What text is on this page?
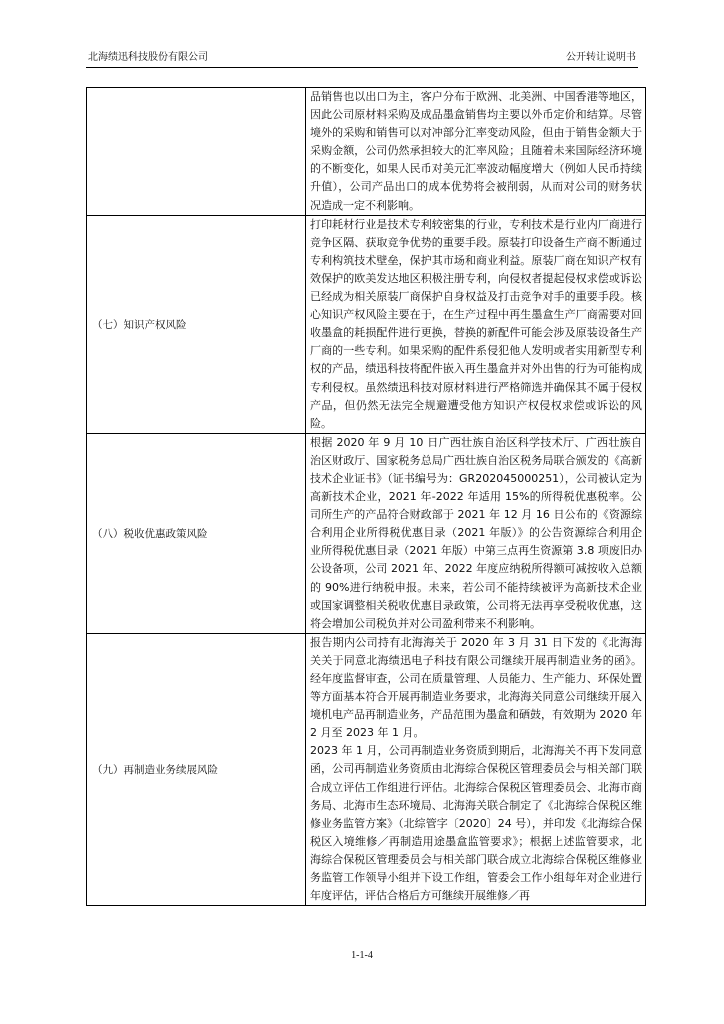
北海绩迅科技股份有限公司	公开转让说明书

	品销售也以出口为主，客户分布于欧洲、北美洲、中国香港等地区，因此公司原材料采购及成品墨盒销售均主要以外币定价和结算。尽管境外的采购和销售可以对冲部分汇率变动风险，但由于销售金额大于采购金额，公司仍然承担较大的汇率风险；且随着未来国际经济环境的不断变化，如果人民币对美元汇率波动幅度增大（例如人民币持续升值），公司产品出口的成本优势将会被削弱，从而对公司的财务状况造成一定不利影响。

（七）知识产权风险	打印耗材行业是技术专利较密集的行业，专利技术是行业内厂商进行竞争区隔、获取竞争优势的重要手段。原装打印设备生产商不断通过专利构筑技术壁垒，保护其市场和商业利益。原装厂商在知识产权有效保护的欧美发达地区积极注册专利，向侵权者提起侵权求偿或诉讼已经成为相关原装厂商保护自身权益及打击竞争对手的重要手段。核心知识产权风险主要在于，在生产过程中再生墨盒生产厂商需要对回收墨盒的耗损配件进行更换，替换的新配件可能会涉及原装设备生产厂商的一些专利。如果采购的配件系侵犯他人发明或者实用新型专利权的产品，绩迅科技将配件嵌入再生墨盒并对外出售的行为可能构成专利侵权。虽然绩迅科技对原材料进行严格筛选并确保其不属于侵权产品，但仍然无法完全规避遭受他方知识产权侵权求偿或诉讼的风险。

（八）税收优惠政策风险	根据 2020 年 9 月 10 日广西壮族自治区科学技术厅、广西壮族自治区财政厅、国家税务总局广西壮族自治区税务局联合颁发的《高新技术企业证书》（证书编号为：GR202045000251），公司被认定为高新技术企业，2021 年-2022 年适用 15%的所得税优惠税率。公司所生产的产品符合财政部于 2021 年 12 月 16 日公布的《资源综合利用企业所得税优惠目录（2021 年版）》的公告资源综合利用企业所得税优惠目录（2021 年版）中第三点再生资源第 3.8 项废旧办公设备项，公司 2021 年、2022 年度应纳税所得额可减按收入总额的 90%进行纳税申报。未来，若公司不能持续被评为高新技术企业或国家调整相关税收优惠目录政策，公司将无法再享受税收优惠，这将会增加公司税负并对公司盈利带来不利影响。

（九）再制造业务续展风险	报告期内公司持有北海海关于 2020 年 3 月 31 日下发的《北海海关关于同意北海绩迅电子科技有限公司继续开展再制造业务的函》。经年度监督审查，公司在质量管理、人员能力、生产能力、环保处置等方面基本符合开展再制造业务要求，北海海关同意公司继续开展入境机电产品再制造业务，产品范围为墨盒和硒鼓，有效期为 2020 年 2 月至 2023 年 1 月。

2023 年 1 月，公司再制造业务资质到期后，北海海关不再下发同意函，公司再制造业务资质由北海综合保税区管理委员会与相关部门联合成立评估工作组进行评估。北海综合保税区管理委员会、北海市商务局、北海市生态环境局、北海海关联合制定了《北海综合保税区维修业务监管方案》（北综管字〔2020〕24 号），并印发《北海综合保税区入境维修／再制造用途墨盒监管要求》；根据上述监管要求，北海综合保税区管理委员会与相关部门联合成立北海综合保税区维修业务监管工作领导小组并下设工作组，管委会工作小组每年对企业进行年度评估，评估合格后方可继续开展维修／再

1-1-4
